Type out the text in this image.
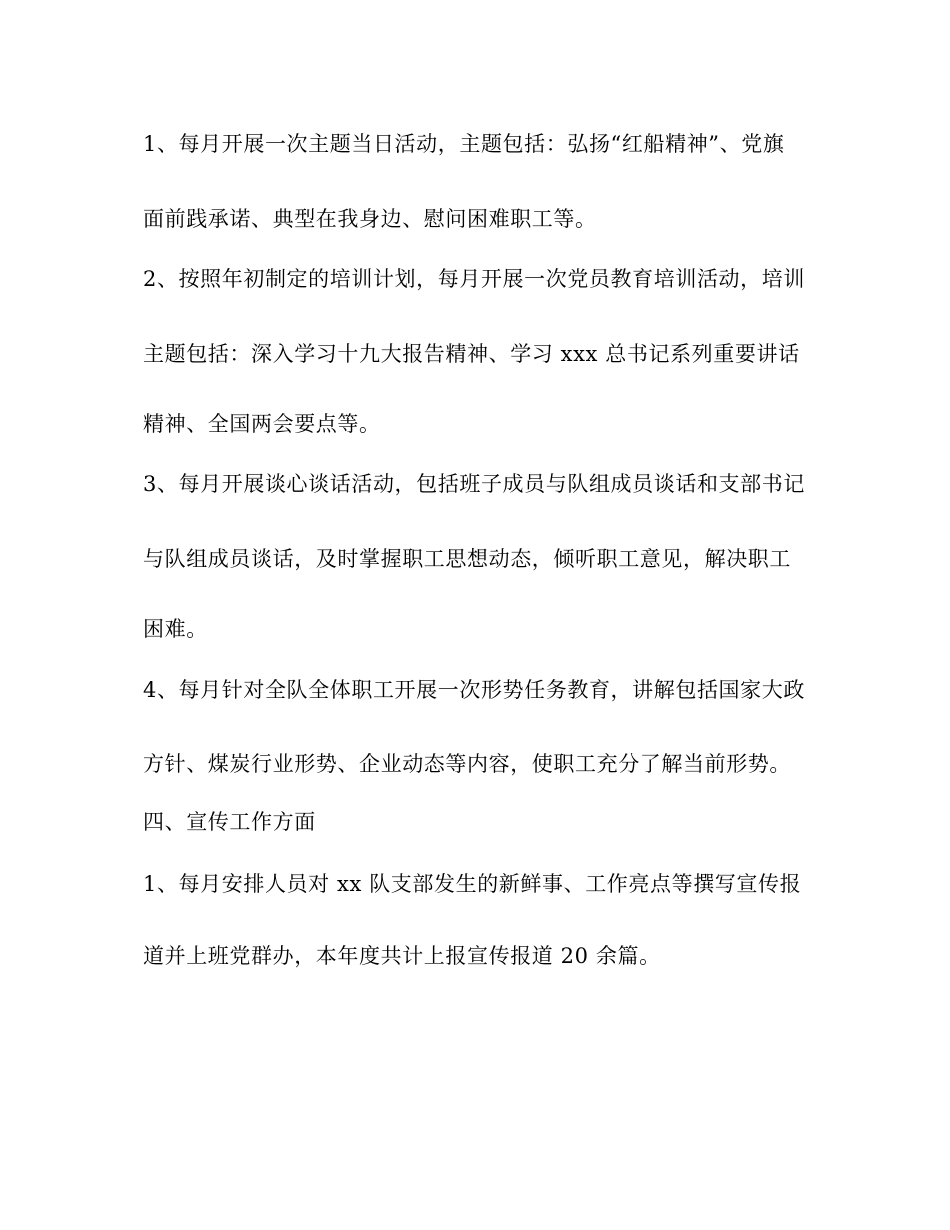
1、每月开展一次主题当日活动，主题包括：弘扬“红船精神”、党旗
面前践承诺、典型在我身边、慰问困难职工等。
2、按照年初制定的培训计划，每月开展一次党员教育培训活动，培训
主题包括：深入学习十九大报告精神、学习 xxx 总书记系列重要讲话
精神、全国两会要点等。
3、每月开展谈心谈话活动，包括班子成员与队组成员谈话和支部书记
与队组成员谈话，及时掌握职工思想动态，倾听职工意见，解决职工
困难。
4、每月针对全队全体职工开展一次形势任务教育，讲解包括国家大政
方针、煤炭行业形势、企业动态等内容，使职工充分了解当前形势。
四、宣传工作方面
1、每月安排人员对 xx 队支部发生的新鲜事、工作亮点等撰写宣传报
道并上班党群办，本年度共计上报宣传报道 20 余篇。
